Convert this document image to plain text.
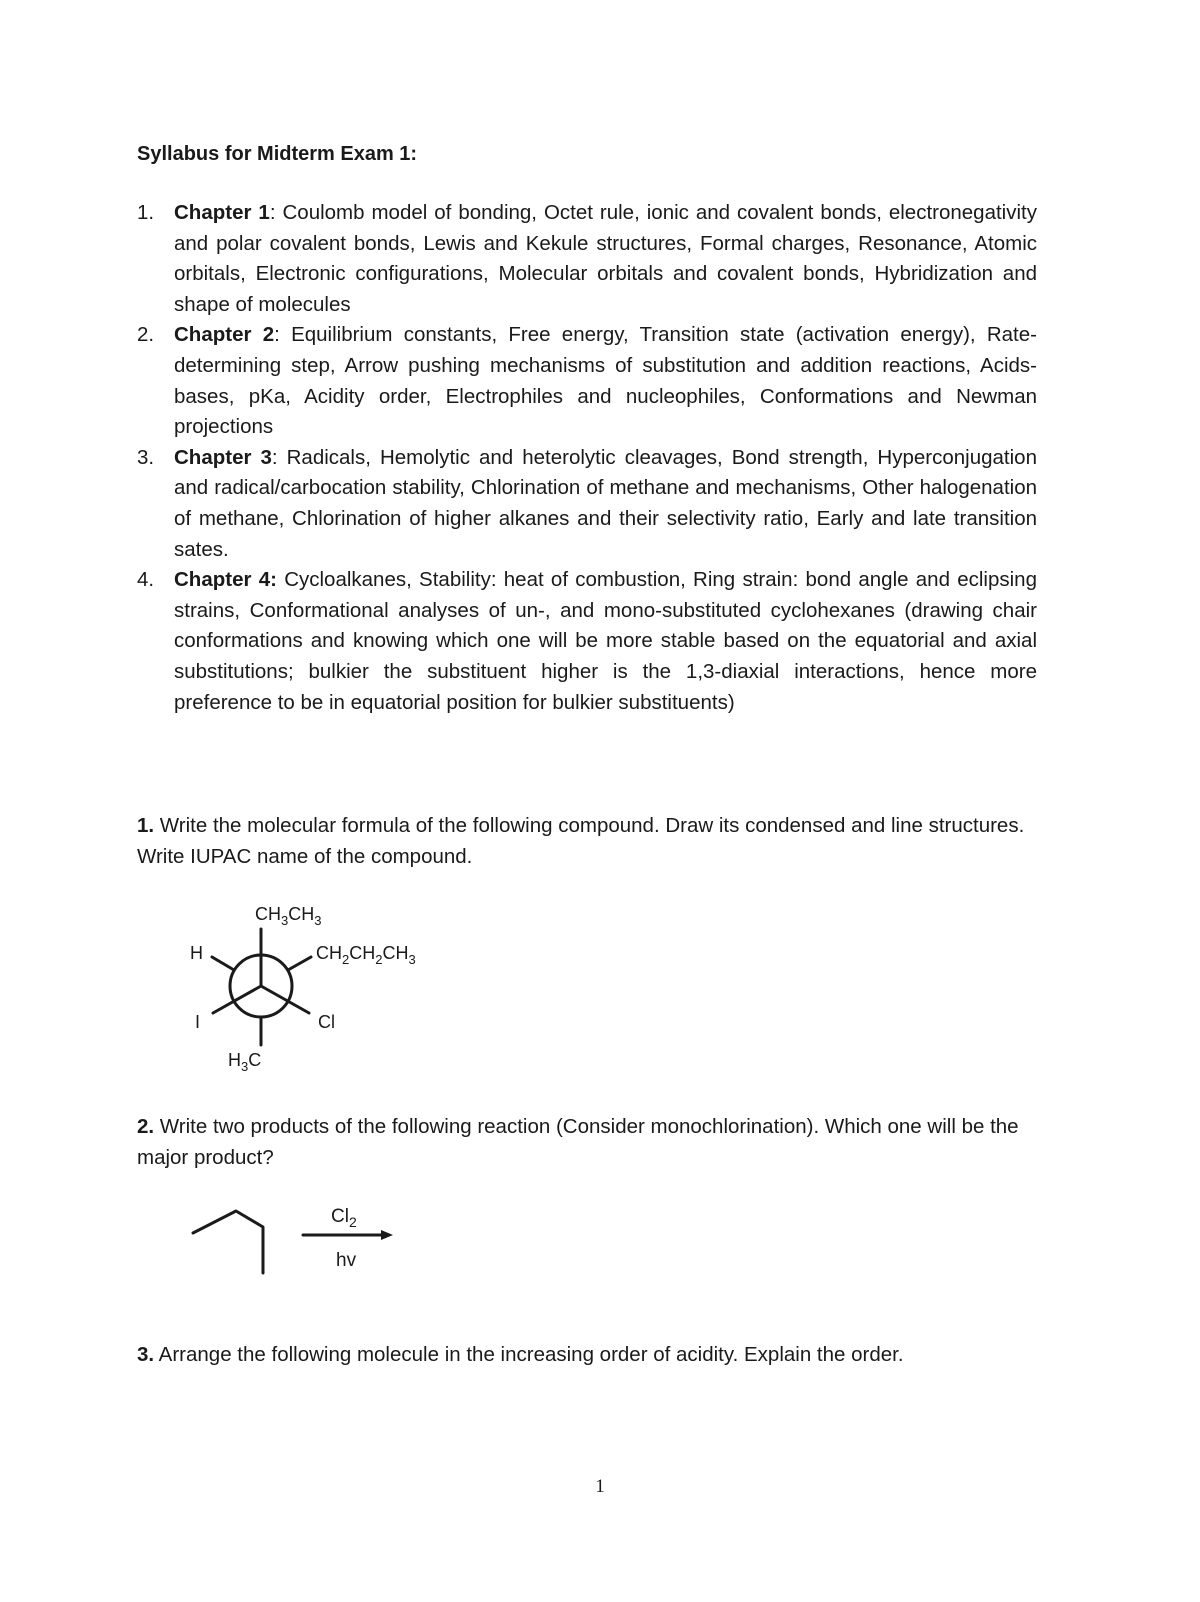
Syllabus for Midterm Exam 1:

1. Chapter 1: Coulomb model of bonding, Octet rule, ionic and covalent bonds, electronegativity and polar covalent bonds, Lewis and Kekule structures, Formal charges, Resonance, Atomic orbitals, Electronic configurations, Molecular orbitals and covalent bonds, Hybridization and shape of molecules
2. Chapter 2: Equilibrium constants, Free energy, Transition state (activation energy), Rate-determining step, Arrow pushing mechanisms of substitution and addition reactions, Acids-bases, pKa, Acidity order, Electrophiles and nucleophiles, Conformations and Newman projections
3. Chapter 3: Radicals, Hemolytic and heterolytic cleavages, Bond strength, Hyperconjugation and radical/carbocation stability, Chlorination of methane and mechanisms, Other halogenation of methane, Chlorination of higher alkanes and their selectivity ratio, Early and late transition sates.
4. Chapter 4: Cycloalkanes, Stability: heat of combustion, Ring strain: bond angle and eclipsing strains, Conformational analyses of un-, and mono-substituted cyclohexanes (drawing chair conformations and knowing which one will be more stable based on the equatorial and axial substitutions; bulkier the substituent higher is the 1,3-diaxial interactions, hence more preference to be in equatorial position for bulkier substituents)

1. Write the molecular formula of the following compound. Draw its condensed and line structures. Write IUPAC name of the compound.

$CH_3CH_3$
H	$CH_2CH_2CH_3$
I	Cl
$H_3C$

2. Write two products of the following reaction (Consider monochlorination). Which one will be the major product?

$Cl_2$
hv

3. Arrange the following molecule in the increasing order of acidity. Explain the order.

1
